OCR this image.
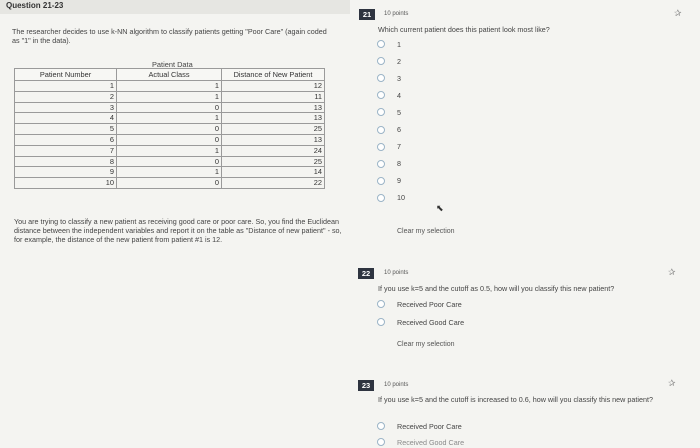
Question 21-23
The researcher decides to use k-NN algorithm to classify patients getting "Poor Care" (again coded as "1" in the data).
Patient Data
Patient Number	Actual Class	Distance of New Patient
1	1	12
2	1	11
3	0	13
4	1	13
5	0	25
6	0	13
7	1	24
8	0	25
9	1	14
10	0	22
You are trying to classify a new patient as receiving good care or poor care. So, you find the Euclidean distance between the independent variables and report it on the table as "Distance of new patient" - so, for example, the distance of the new patient from patient #1 is 12.
21	10 points	✰
Which current patient does this patient look most like?
1
2
3
4
5
6
7
8
9
10
⬉
Clear my selection
22	10 points	✰
If you use k=5 and the cutoff as 0.5, how will you classify this new patient?
Received Poor Care
Received Good Care
Clear my selection
23	10 points	✰
If you use k=5 and the cutoff is increased to 0.6, how will you classify this new patient?
Received Poor Care
Received Good Care
